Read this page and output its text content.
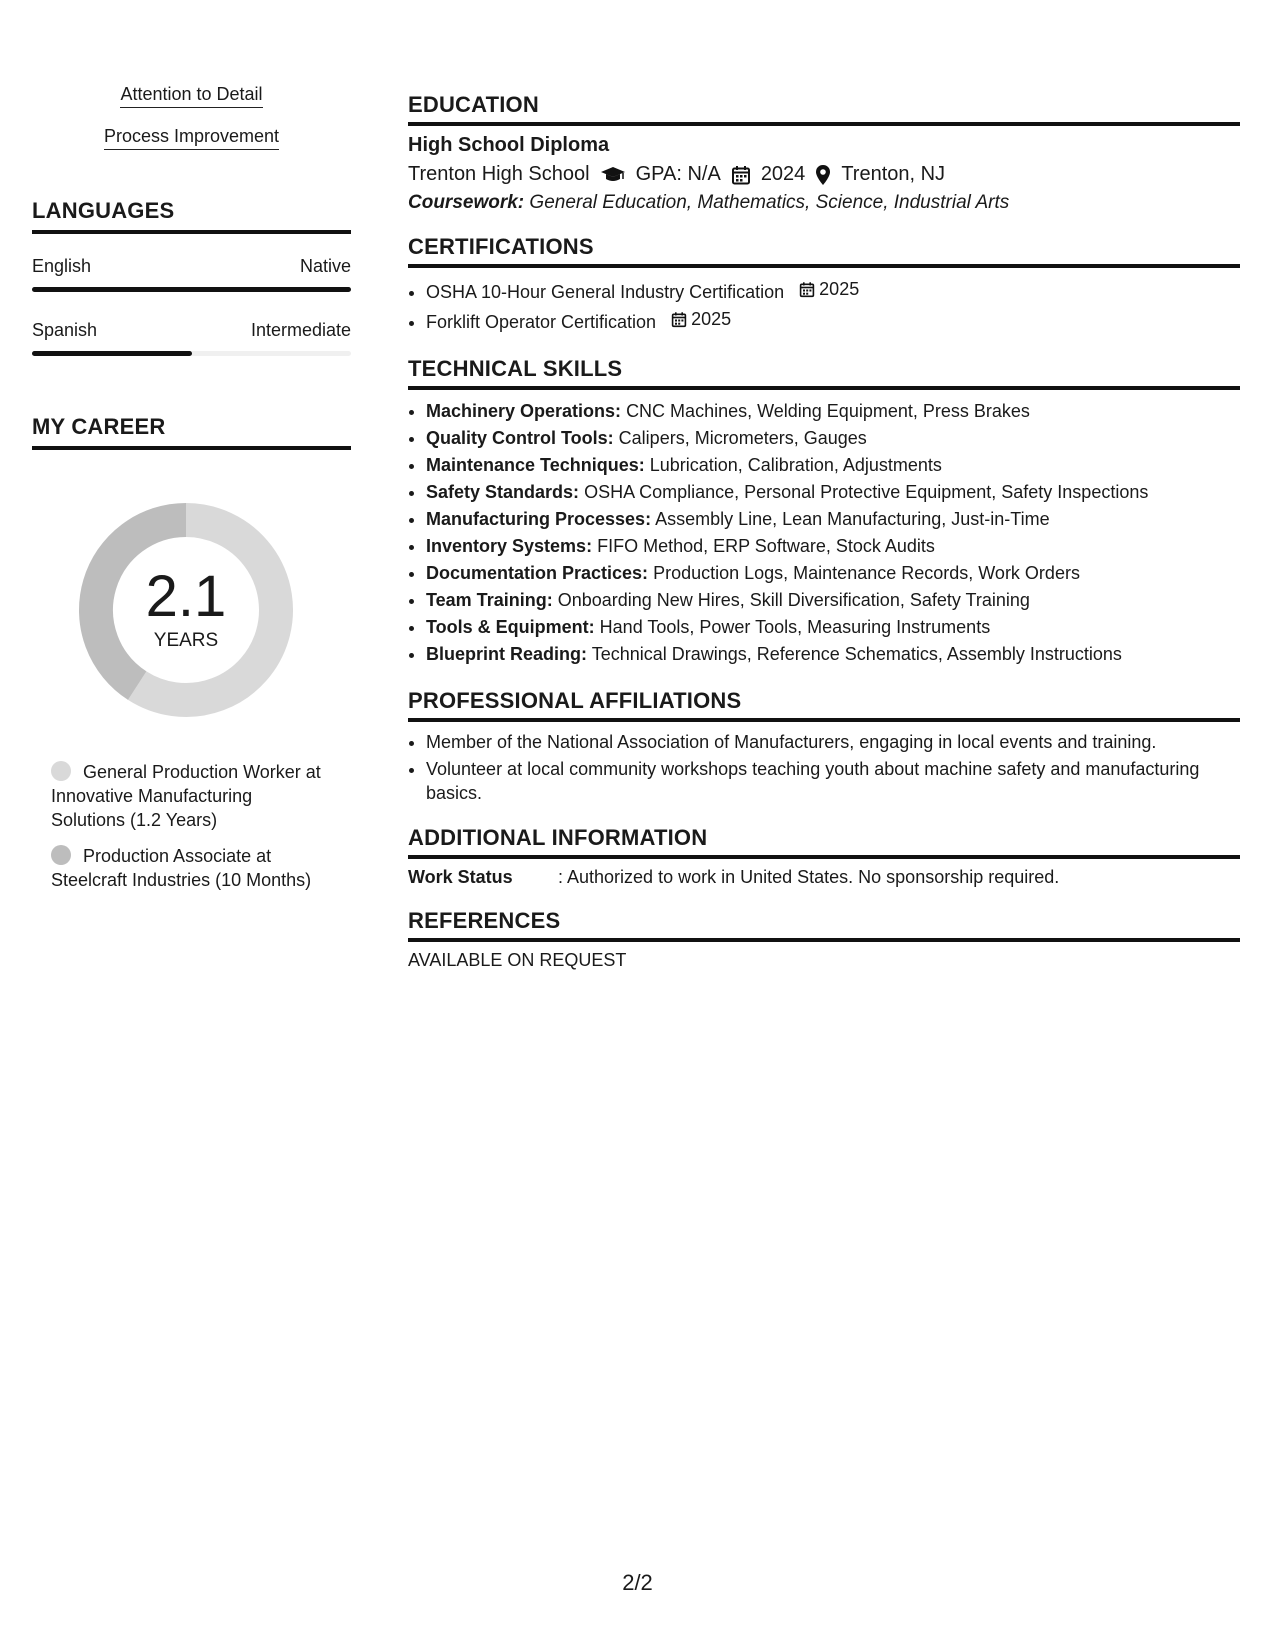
Attention to Detail
Process Improvement
LANGUAGES
English	Native
Spanish	Intermediate
MY CAREER
2.1
YEARS
General Production Worker at Innovative Manufacturing Solutions (1.2 Years)
Production Associate at Steelcraft Industries (10 Months)
EDUCATION
High School Diploma
Trenton High School GPA: N/A 2024 Trenton, NJ
Coursework: General Education, Mathematics, Science, Industrial Arts
CERTIFICATIONS
• OSHA 10-Hour General Industry Certification 2025
• Forklift Operator Certification 2025
TECHNICAL SKILLS
• Machinery Operations: CNC Machines, Welding Equipment, Press Brakes
• Quality Control Tools: Calipers, Micrometers, Gauges
• Maintenance Techniques: Lubrication, Calibration, Adjustments
• Safety Standards: OSHA Compliance, Personal Protective Equipment, Safety Inspections
• Manufacturing Processes: Assembly Line, Lean Manufacturing, Just-in-Time
• Inventory Systems: FIFO Method, ERP Software, Stock Audits
• Documentation Practices: Production Logs, Maintenance Records, Work Orders
• Team Training: Onboarding New Hires, Skill Diversification, Safety Training
• Tools & Equipment: Hand Tools, Power Tools, Measuring Instruments
• Blueprint Reading: Technical Drawings, Reference Schematics, Assembly Instructions
PROFESSIONAL AFFILIATIONS
• Member of the National Association of Manufacturers, engaging in local events and training.
• Volunteer at local community workshops teaching youth about machine safety and manufacturing basics.
ADDITIONAL INFORMATION
Work Status	: Authorized to work in United States. No sponsorship required.
REFERENCES
AVAILABLE ON REQUEST
2/2
